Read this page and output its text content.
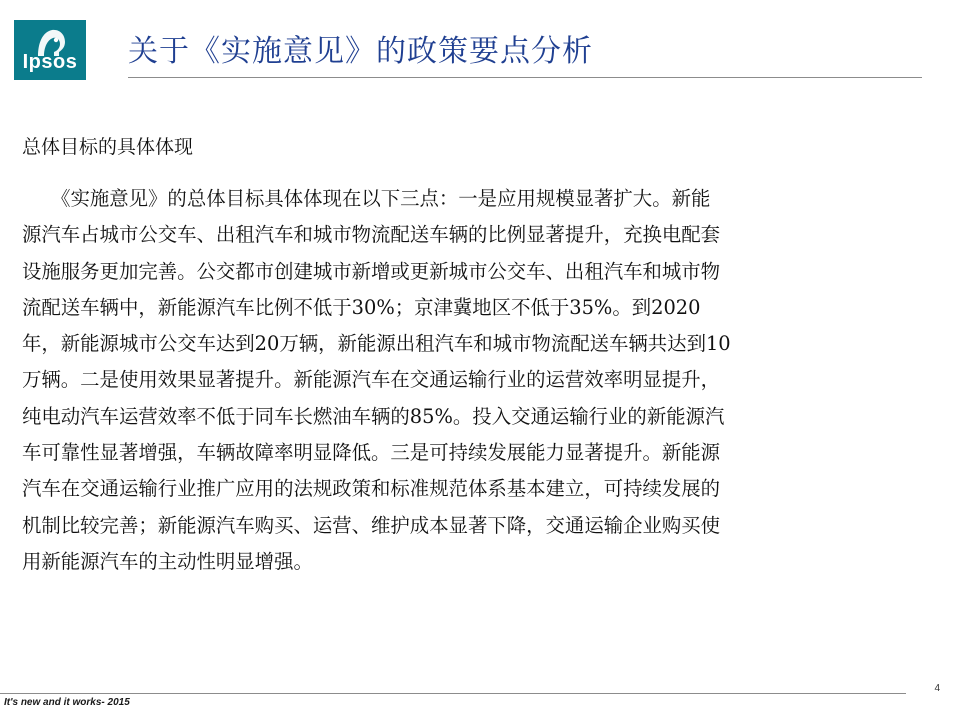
Ipsos 关于《实施意见》的政策要点分析
总体目标的具体体现
　　《实施意见》的总体目标具体体现在以下三点：一是应用规模显著扩大。新能
源汽车占城市公交车、出租汽车和城市物流配送车辆的比例显著提升，充换电配套
设施服务更加完善。公交都市创建城市新增或更新城市公交车、出租汽车和城市物
流配送车辆中，新能源汽车比例不低于30%；京津冀地区不低于35%。到2020
年，新能源城市公交车达到20万辆，新能源出租汽车和城市物流配送车辆共达到10
万辆。二是使用效果显著提升。新能源汽车在交通运输行业的运营效率明显提升，
纯电动汽车运营效率不低于同车长燃油车辆的85%。投入交通运输行业的新能源汽
车可靠性显著增强，车辆故障率明显降低。三是可持续发展能力显著提升。新能源
汽车在交通运输行业推广应用的法规政策和标准规范体系基本建立，可持续发展的
机制比较完善；新能源汽车购买、运营、维护成本显著下降，交通运输企业购买使
用新能源汽车的主动性明显增强。
4
It's new and it works- 2015
